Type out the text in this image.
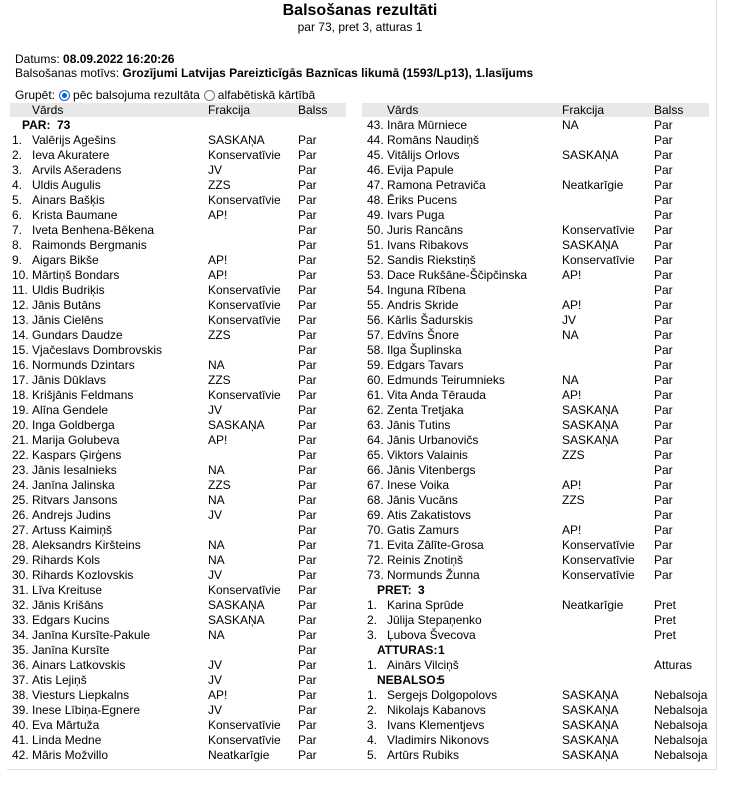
Balsošanas rezultāti
par 73, pret 3, atturas 1
Datums: 08.09.2022 16:20:26
Balsošanas motīvs: Grozījumi Latvijas Pareizticīgās Baznīcas likumā (1593/Lp13), 1.lasījums
Grupēt: pēc balsojuma rezultāta alfabētiskā kārtībā
Vārds	Frakcija	Balss	Vārds	Frakcija	Balss
PAR: 73
1. Valērijs Agešins	SASKAŅA	Par
2. Ieva Akuratere	Konservatīvie Par
3. Arvils Ašeradens	JV	Par
4. Uldis Augulis	ZZS	Par
5. Ainars Bašķis	Konservatīvie Par
6. Krista Baumane	AP!	Par
7. Iveta Benhena-Bēkena	Par
8. Raimonds Bergmanis	Par
9. Aigars Bikše	AP!	Par
10. Mārtiņš Bondars	AP!	Par
11. Uldis Budriķis	Konservatīvie Par
12. Jānis Butāns	Konservatīvie Par
13. Jānis Cielēns	Konservatīvie Par
14. Gundars Daudze	ZZS	Par
15. Vjačeslavs Dombrovskis	Par
16. Normunds Dzintars	NA	Par
17. Jānis Dūklavs	ZZS	Par
18. Krišjānis Feldmans	Konservatīvie Par
19. Alīna Gendele	JV	Par
20. Inga Goldberga	SASKAŅA	Par
21. Marija Golubeva	AP!	Par
22. Kaspars Ģirģens	Par
23. Jānis Iesalnieks	NA	Par
24. Janīna Jalinska	ZZS	Par
25. Ritvars Jansons	NA	Par
26. Andrejs Judins	JV	Par
27. Artuss Kaimiņš	Par
28. Aleksandrs Kiršteins	NA	Par
29. Rihards Kols	NA	Par
30. Rihards Kozlovskis	JV	Par
31. Līva Kreituse	Konservatīvie Par
32. Jānis Krišāns	SASKAŅA	Par
33. Edgars Kucins	SASKAŅA	Par
34. Janīna Kursīte-Pakule	NA	Par
35. Janīna Kursīte	Par
36. Ainars Latkovskis	JV	Par
37. Atis Lejiņš	JV	Par
38. Viesturs Liepkalns	AP!	Par
39. Inese Lībiņa-Egnere	JV	Par
40. Eva Mārtuža	Konservatīvie Par
41. Linda Medne	Konservatīvie Par
42. Māris Možvillo	Neatkarīgie Par
43. Ināra Mūrniece	NA	Par
44. Romāns Naudiņš	Par
45. Vitālijs Orlovs	SASKAŅA	Par
46. Evija Papule	Par
47. Ramona Petraviča	Neatkarīgie	Par
48. Ēriks Pucens	Par
49. Ivars Puga	Par
50. Juris Rancāns	Konservatīvie Par
51. Ivans Ribakovs	SASKAŅA	Par
52. Sandis Riekstiņš	Konservatīvie Par
53. Dace Rukšāne-Ščipčinska	AP!	Par
54. Inguna Rībena	Par
55. Andris Skride	AP!	Par
56. Kārlis Šadurskis	JV	Par
57. Edvīns Šnore	NA	Par
58. Ilga Šuplinska	Par
59. Edgars Tavars	Par
60. Edmunds Teirumnieks	NA	Par
61. Vita Anda Tērauda	AP!	Par
62. Zenta Tretjaka	SASKAŅA	Par
63. Jānis Tutins	SASKAŅA	Par
64. Jānis Urbanovičs	SASKAŅA	Par
65. Viktors Valainis	ZZS	Par
66. Jānis Vitenbergs	Par
67. Inese Voika	AP!	Par
68. Jānis Vucāns	ZZS	Par
69. Atis Zakatistovs	Par
70. Gatis Zamurs	AP!	Par
71. Evita Zālīte-Grosa	Konservatīvie Par
72. Reinis Znotiņš	Konservatīvie Par
73. Normunds Žunna	Konservatīvie Par
PRET: 3
1. Karina Sprūde	Neatkarīgie	Pret
2. Jūlija Stepaņenko	Pret
3. Ļubova Švecova	Pret
ATTURAS: 1
1. Ainārs Vilciņš	Atturas
NEBALSO:
5
1. Sergejs Dolgopolovs	SASKAŅA	Nebalsoja
2. Nikolajs Kabanovs	SASKAŅA	Nebalsoja
3. Ivans Klementjevs	SASKAŅA	Nebalsoja
4. Vladimirs Nikonovs	SASKAŅA	Nebalsoja
5. Artūrs Rubiks	SASKAŅA	Nebalsoja
